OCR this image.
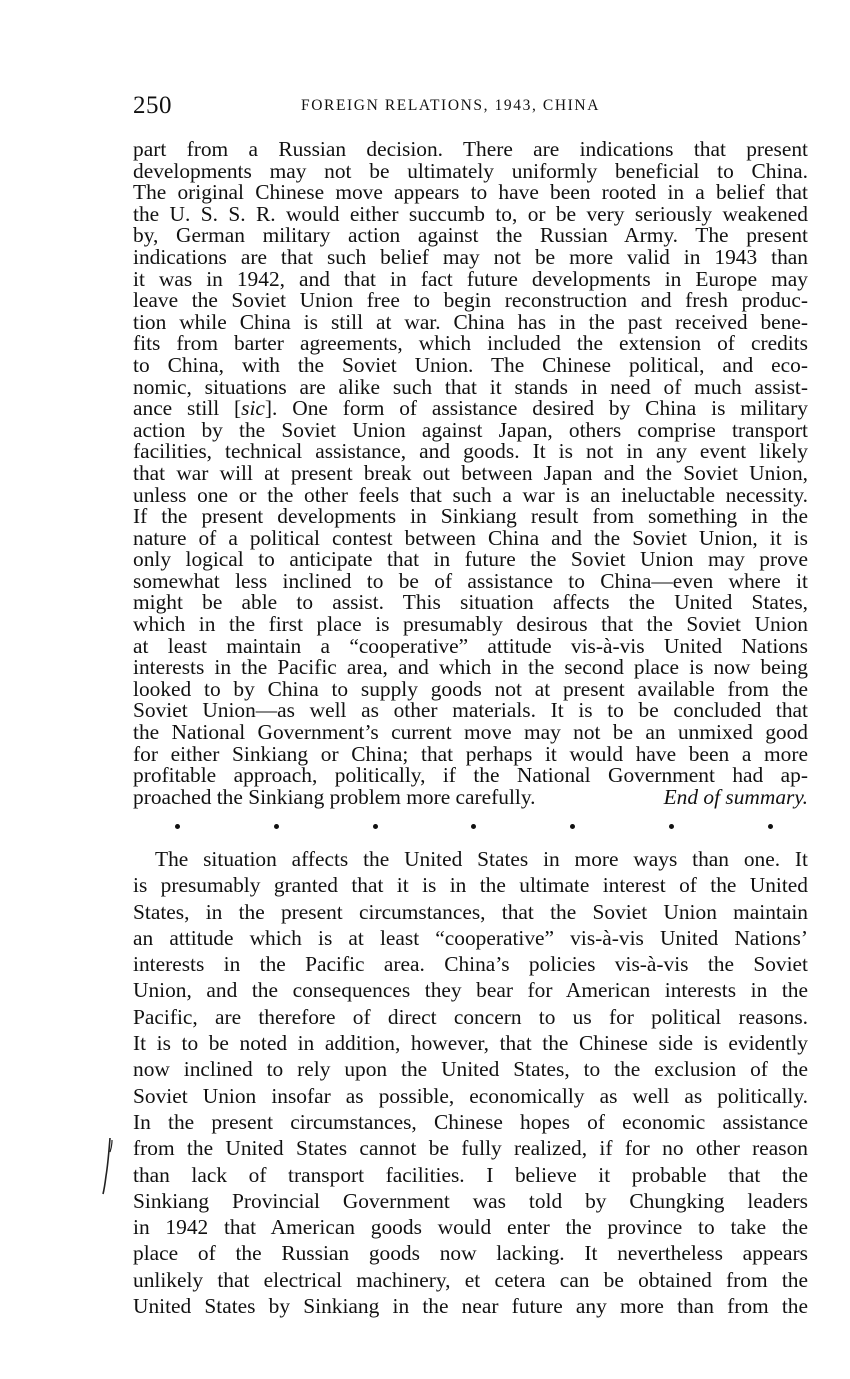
250	FOREIGN RELATIONS, 1943, CHINA
part from a Russian decision. There are indications that present
developments may not be ultimately uniformly beneficial to China.
The original Chinese move appears to have been rooted in a belief that
the U. S. S. R. would either succumb to, or be very seriously weakened
by, German military action against the Russian Army. The present
indications are that such belief may not be more valid in 1943 than
it was in 1942, and that in fact future developments in Europe may
leave the Soviet Union free to begin reconstruction and fresh produc-
tion while China is still at war. China has in the past received bene-
fits from barter agreements, which included the extension of credits
to China, with the Soviet Union. The Chinese political, and eco-
nomic, situations are alike such that it stands in need of much assist-
ance still [sic]. One form of assistance desired by China is military
action by the Soviet Union against Japan, others comprise transport
facilities, technical assistance, and goods. It is not in any event likely
that war will at present break out between Japan and the Soviet Union,
unless one or the other feels that such a war is an ineluctable necessity.
If the present developments in Sinkiang result from something in the
nature of a political contest between China and the Soviet Union, it is
only logical to anticipate that in future the Soviet Union may prove
somewhat less inclined to be of assistance to China—even where it
might be able to assist. This situation affects the United States,
which in the first place is presumably desirous that the Soviet Union
at least maintain a “cooperative” attitude vis-à-vis United Nations
interests in the Pacific area, and which in the second place is now being
looked to by China to supply goods not at present available from the
Soviet Union—as well as other materials. It is to be concluded that
the National Government’s current move may not be an unmixed good
for either Sinkiang or China; that perhaps it would have been a more
profitable approach, politically, if the National Government had ap-
proached the Sinkiang problem more carefully.	End of summary.
The situation affects the United States in more ways than one. It
is presumably granted that it is in the ultimate interest of the United
States, in the present circumstances, that the Soviet Union maintain
an attitude which is at least “cooperative” vis-à-vis United Nations’
interests in the Pacific area. China’s policies vis-à-vis the Soviet
Union, and the consequences they bear for American interests in the
Pacific, are therefore of direct concern to us for political reasons.
It is to be noted in addition, however, that the Chinese side is evidently
now inclined to rely upon the United States, to the exclusion of the
Soviet Union insofar as possible, economically as well as politically.
In the present circumstances, Chinese hopes of economic assistance
from the United States cannot be fully realized, if for no other reason
than lack of transport facilities. I believe it probable that the
Sinkiang Provincial Government was told by Chungking leaders
in 1942 that American goods would enter the province to take the
place of the Russian goods now lacking. It nevertheless appears
unlikely that electrical machinery, et cetera can be obtained from the
United States by Sinkiang in the near future any more than from the
